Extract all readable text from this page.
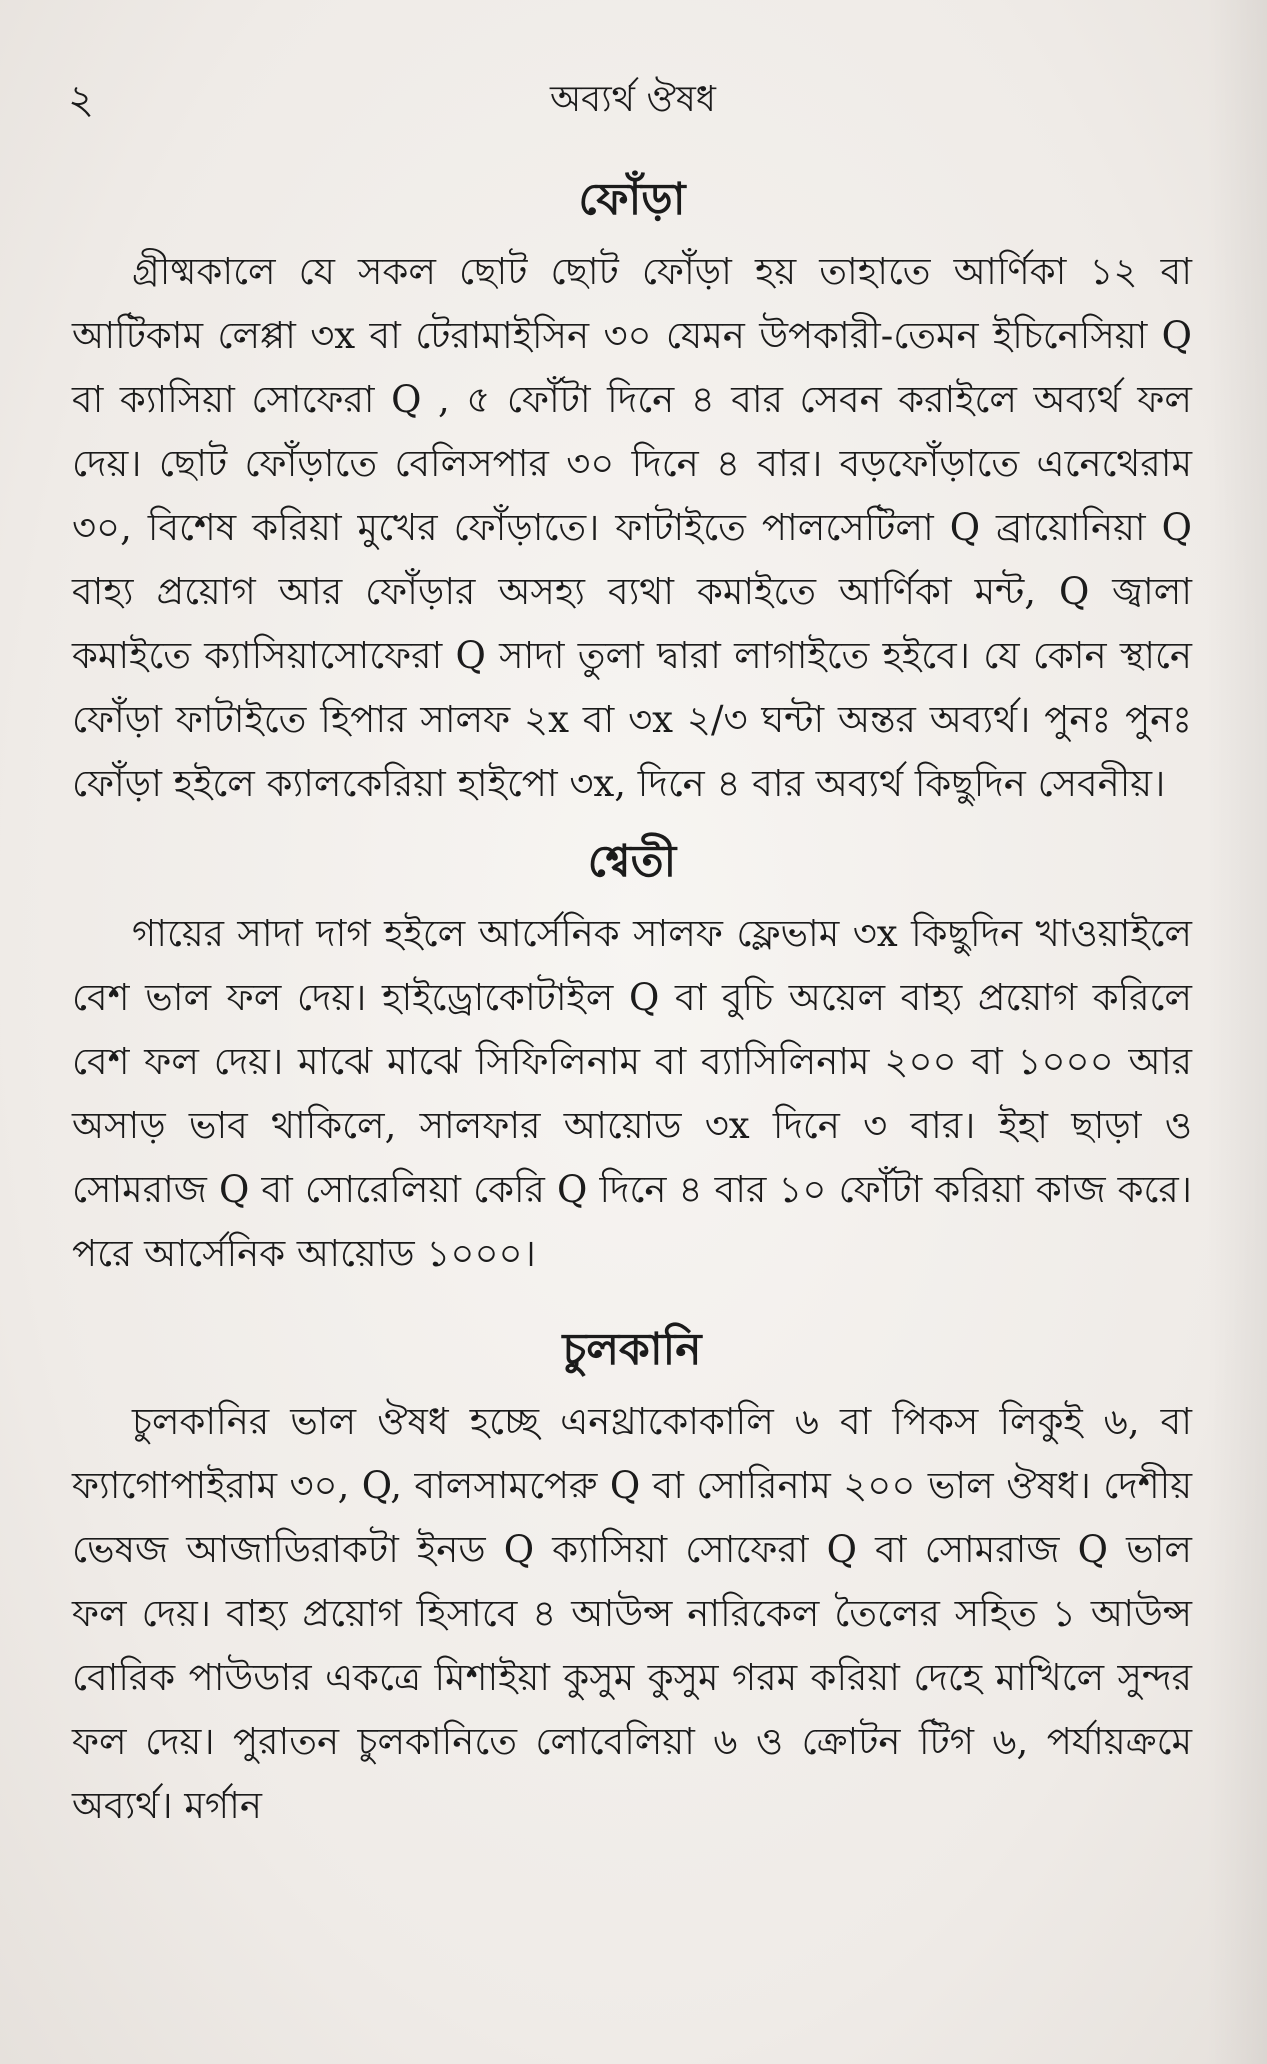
২	অব্যর্থ ঔষধ
ফোঁড়া

গ্রীষ্মকালে যে সকল ছোট ছোট ফোঁড়া হয় তাহাতে আর্ণিকা ১২ বা আটিকাম লেপ্পা ৩x বা টেরামাইসিন ৩০ যেমন উপকারী-তেমন ইচিনেসিয়া Q বা ক্যাসিয়া সোফেরা Q , ৫ ফোঁটা দিনে ৪ বার সেবন করাইলে অব্যর্থ ফল দেয়। ছোট ফোঁড়াতে বেলিসপার ৩০ দিনে ৪ বার। বড়ফোঁড়াতে এনেথেরাম ৩০, বিশেষ করিয়া মুখের ফোঁড়াতে। ফাটাইতে পালসেটিলা Q ব্রায়োনিয়া Q বাহ্য প্রয়োগ আর ফোঁড়ার অসহ্য ব্যথা কমাইতে আর্ণিকা মন্ট, Q জ্বালা কমাইতে ক্যাসিয়াসোফেরা Q সাদা তুলা দ্বারা লাগাইতে হইবে। যে কোন স্থানে ফোঁড়া ফাটাইতে হিপার সালফ ২x বা ৩x ২/৩ ঘন্টা অন্তর অব্যর্থ। পুনঃ পুনঃ ফোঁড়া হইলে ক্যালকেরিয়া হাইপো ৩x, দিনে ৪ বার অব্যর্থ কিছুদিন সেবনীয়।

শ্বেতী

গায়ের সাদা দাগ হইলে আর্সেনিক সালফ ফ্লেভাম ৩x কিছুদিন খাওয়াইলে বেশ ভাল ফল দেয়। হাইড্রোকোটাইল Q বা বুচি অয়েল বাহ্য প্রয়োগ করিলে বেশ ফল দেয়। মাঝে মাঝে সিফিলিনাম বা ব্যাসিলিনাম ২০০ বা ১০০০ আর অসাড় ভাব থাকিলে, সালফার আয়োড ৩x দিনে ৩ বার। ইহা ছাড়া ও সোমরাজ Q বা সোরেলিয়া কেরি Q দিনে ৪ বার ১০ ফোঁটা করিয়া কাজ করে। পরে আর্সেনিক আয়োড ১০০০।

চুলকানি

চুলকানির ভাল ঔষধ হচ্ছে এনথ্রাকোকালি ৬ বা পিকস লিকুই ৬, বা ফ্যাগোপাইরাম ৩০, Q, বালসামপেরু Q বা সোরিনাম ২০০ ভাল ঔষধ। দেশীয় ভেষজ আজাডিরাকটা ইনড Q ক্যাসিয়া সোফেরা Q বা সোমরাজ Q ভাল ফল দেয়। বাহ্য প্রয়োগ হিসাবে ৪ আউন্স নারিকেল তৈলের সহিত ১ আউন্স বোরিক পাউডার একত্রে মিশাইয়া কুসুম কুসুম গরম করিয়া দেহে মাখিলে সুন্দর ফল দেয়। পুরাতন চুলকানিতে লোবেলিয়া ৬ ও ক্রোটন টিগ ৬, পর্যায়ক্রমে অব্যর্থ। মর্গান
